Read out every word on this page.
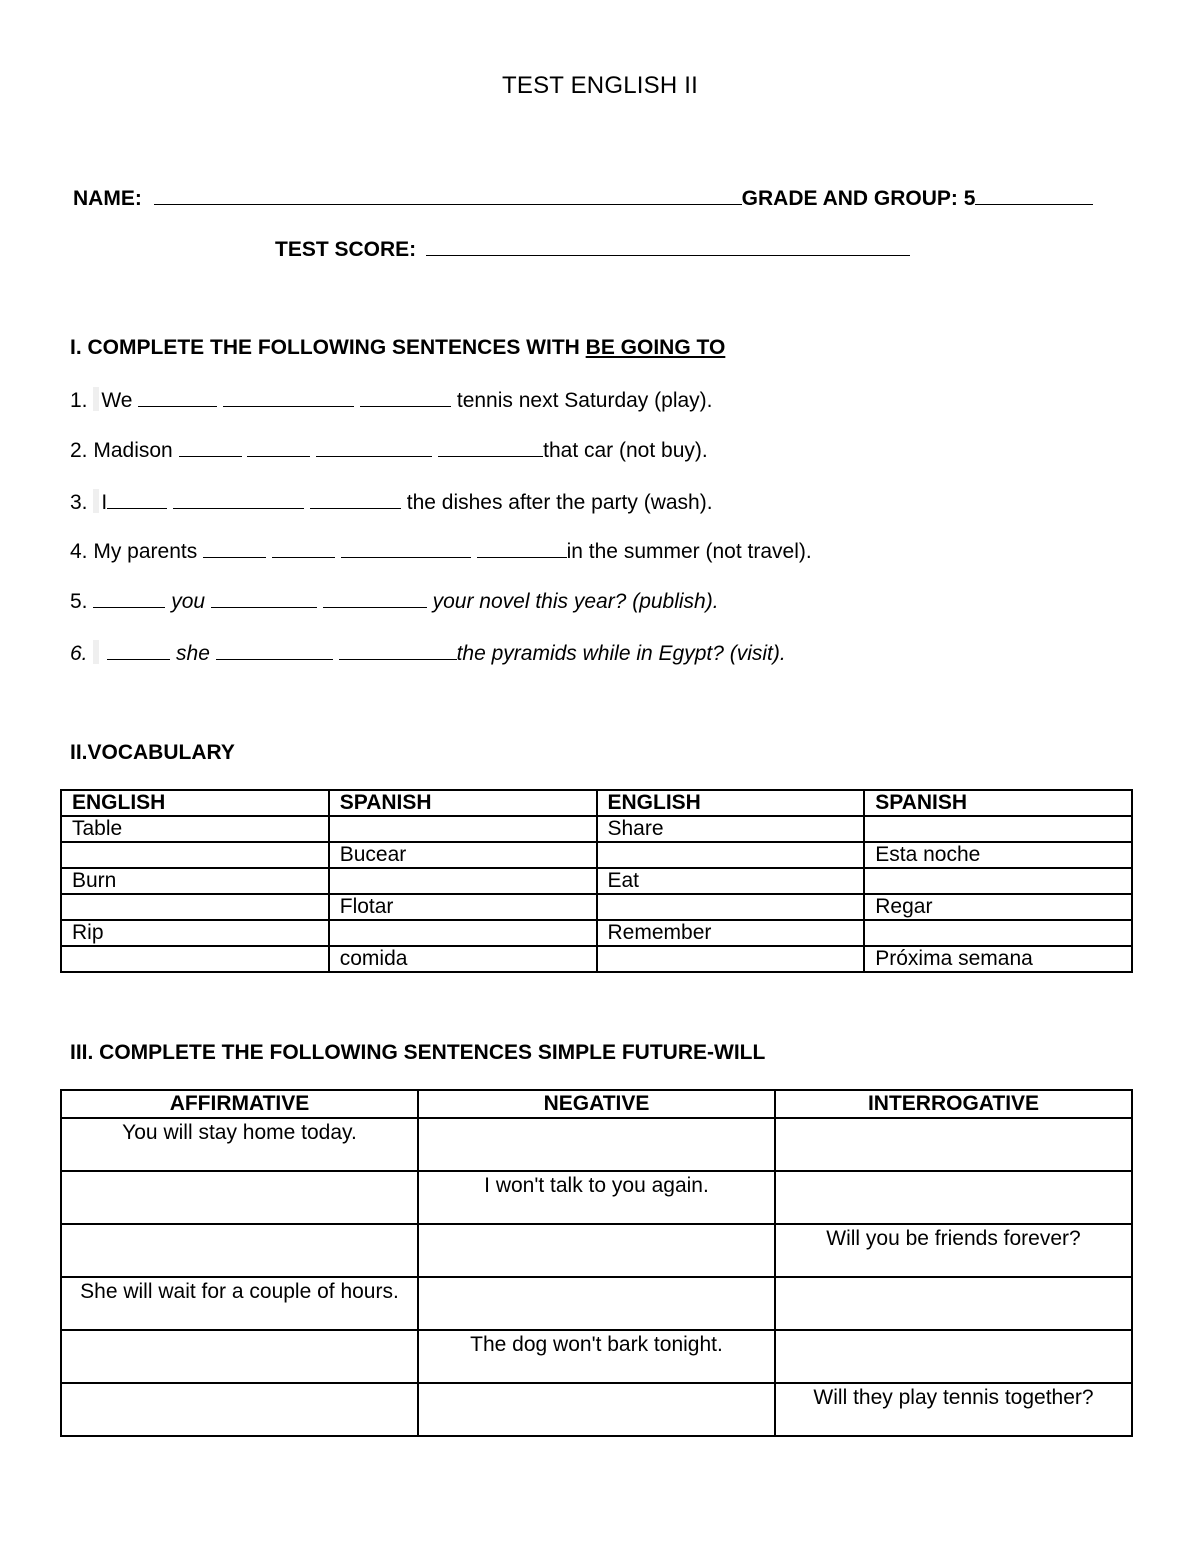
TEST ENGLISH II
NAME:	GRADE AND GROUP: 5
TEST SCORE:
I. COMPLETE THE FOLLOWING SENTENCES WITH BE GOING TO
1. We	tennis next Saturday (play).
2. Madison	that car (not buy).
3. I	the dishes after the party (wash).
4. My parents	in the summer (not travel).
5.	you	your novel this year? (publish).
6.	she	the pyramids while in Egypt? (visit).
II.VOCABULARY
ENGLISH	SPANISH	ENGLISH	SPANISH
Table		Share	
	Bucear		Esta noche
Burn		Eat	
	Flotar		Regar
Rip		Remember	
	comida		Próxima semana
III. COMPLETE THE FOLLOWING SENTENCES SIMPLE FUTURE-WILL
AFFIRMATIVE	NEGATIVE	INTERROGATIVE
You will stay home today.		
	I won't talk to you again.	
		Will you be friends forever?
She will wait for a couple of hours.		
	The dog won't bark tonight.	
		Will they play tennis together?
